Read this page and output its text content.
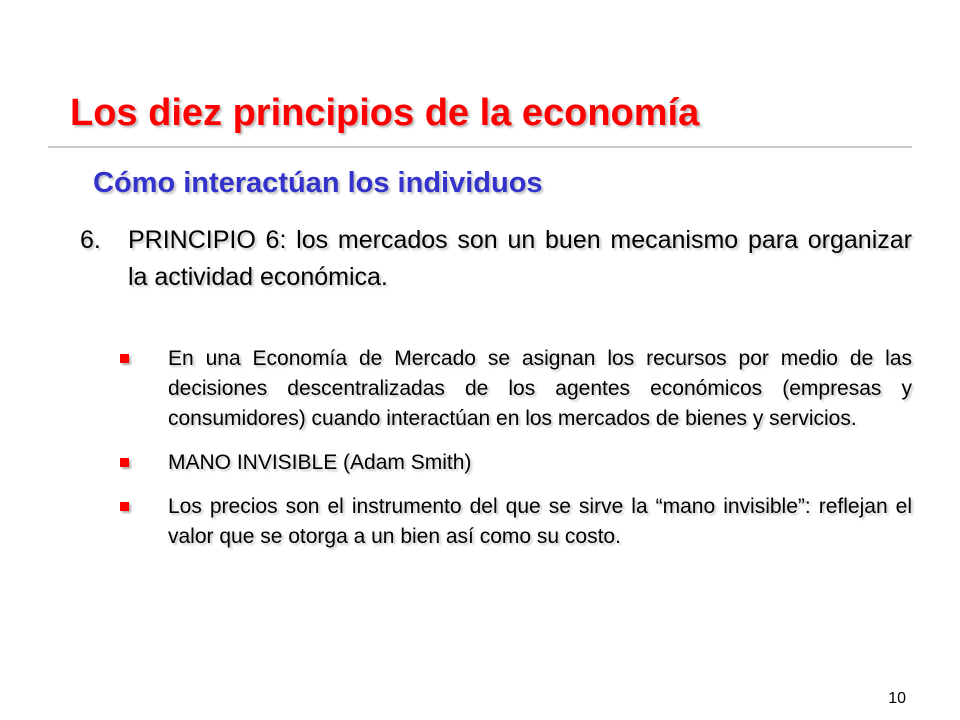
Los diez principios de la economía
Cómo interactúan los individuos
6.	PRINCIPIO 6: los mercados son un buen mecanismo para organizar la actividad económica.
En una Economía de Mercado se asignan los recursos por medio de las decisiones descentralizadas de los agentes económicos (empresas y consumidores) cuando interactúan en los mercados de bienes y servicios.
MANO INVISIBLE (Adam Smith)
Los precios son el instrumento del que se sirve la “mano invisible”: reflejan el valor que se otorga a un bien así como su costo.
10
